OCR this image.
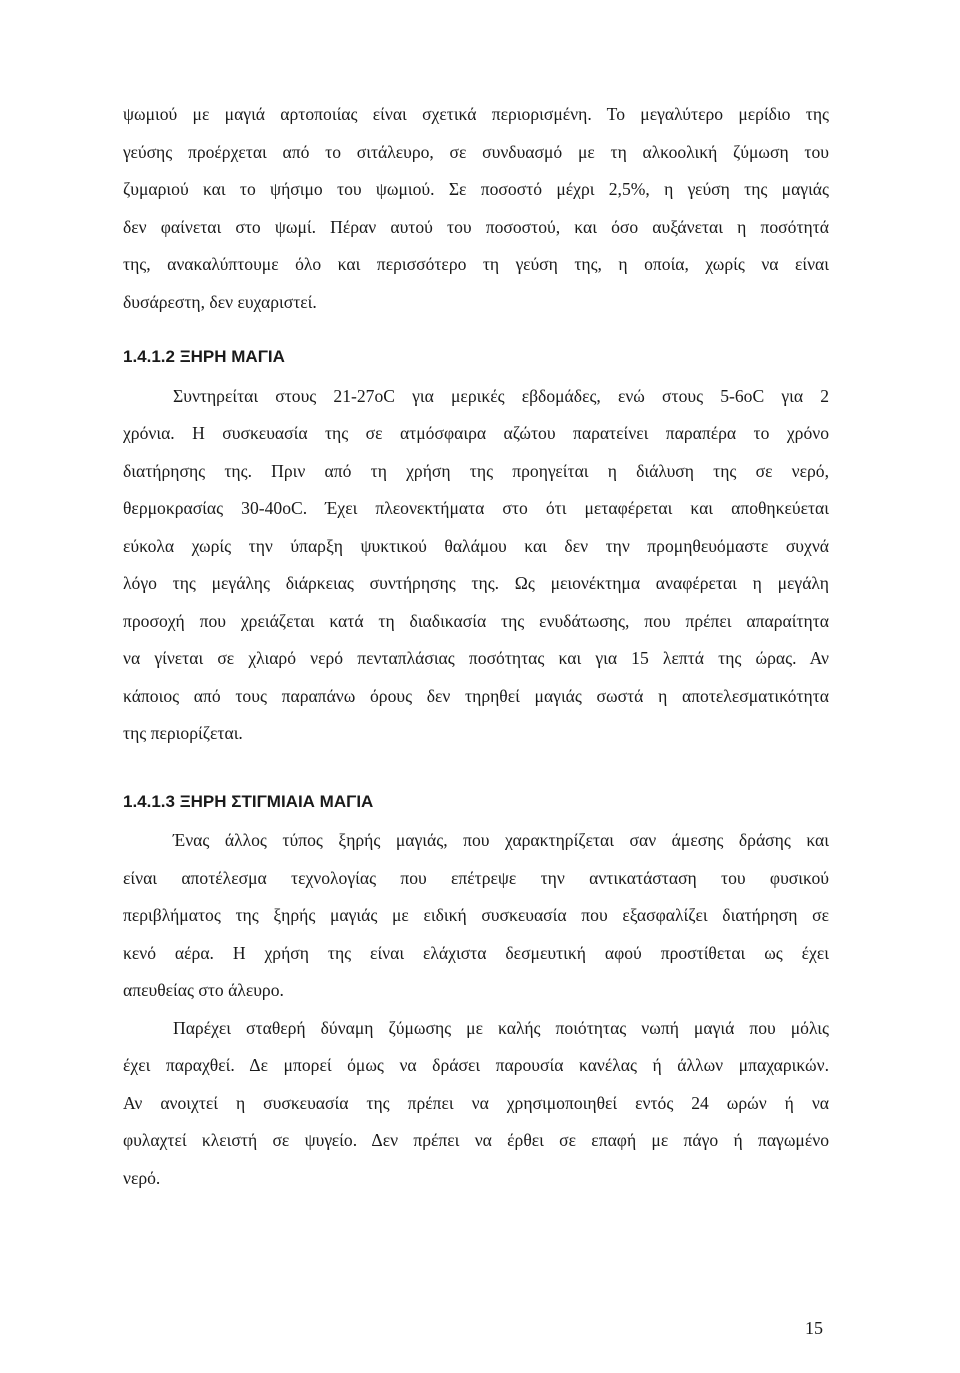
ψωμιού με μαγιά αρτοποιίας είναι σχετικά περιορισμένη. Το μεγαλύτερο μερίδιο της
γεύσης προέρχεται από το σιτάλευρο, σε συνδυασμό με τη αλκοολική ζύμωση του
ζυμαριού και το ψήσιμο του ψωμιού. Σε ποσοστό μέχρι 2,5%, η γεύση της μαγιάς
δεν φαίνεται στο ψωμί. Πέραν αυτού του ποσοστού, και όσο αυξάνεται η ποσότητά
της, ανακαλύπτουμε όλο και περισσότερο τη γεύση της, η οποία, χωρίς να είναι
δυσάρεστη, δεν ευχαριστεί.
1.4.1.2 ΞΗΡΗ ΜΑΓΙΑ
Συντηρείται στους 21-27oC για μερικές εβδομάδες, ενώ στους 5-6oC για 2
χρόνια. Η συσκευασία της σε ατμόσφαιρα αζώτου παρατείνει παραπέρα το χρόνο
διατήρησης της. Πριν από τη χρήση της προηγείται η διάλυση της σε νερό,
θερμοκρασίας 30-40oC. Έχει πλεονεκτήματα στο ότι μεταφέρεται και αποθηκεύεται
εύκολα χωρίς την ύπαρξη ψυκτικού θαλάμου και δεν την προμηθευόμαστε συχνά
λόγο της μεγάλης διάρκειας συντήρησης της. Ως μειονέκτημα αναφέρεται η μεγάλη
προσοχή που χρειάζεται κατά τη διαδικασία της ενυδάτωσης, που πρέπει απαραίτητα
να γίνεται σε χλιαρό νερό πενταπλάσιας ποσότητας και για 15 λεπτά της ώρας. Αν
κάποιος από τους παραπάνω όρους δεν τηρηθεί μαγιάς σωστά η αποτελεσματικότητα
της περιορίζεται.
1.4.1.3 ΞΗΡΗ ΣΤΙΓΜΙΑΙΑ ΜΑΓΙΑ
Ένας άλλος τύπος ξηρής μαγιάς, που χαρακτηρίζεται σαν άμεσης δράσης και
είναι αποτέλεσμα τεχνολογίας που επέτρεψε την αντικατάσταση του φυσικού
περιβλήματος της ξηρής μαγιάς με ειδική συσκευασία που εξασφαλίζει διατήρηση σε
κενό αέρα. Η χρήση της είναι ελάχιστα δεσμευτική αφού προστίθεται ως έχει
απευθείας στο άλευρο.
Παρέχει σταθερή δύναμη ζύμωσης με καλής ποιότητας νωπή μαγιά που μόλις
έχει παραχθεί. Δε μπορεί όμως να δράσει παρουσία κανέλας ή άλλων μπαχαρικών.
Αν ανοιχτεί η συσκευασία της πρέπει να χρησιμοποιηθεί εντός 24 ωρών ή να
φυλαχτεί κλειστή σε ψυγείο. Δεν πρέπει να έρθει σε επαφή με πάγο ή παγωμένο
νερό.
15
